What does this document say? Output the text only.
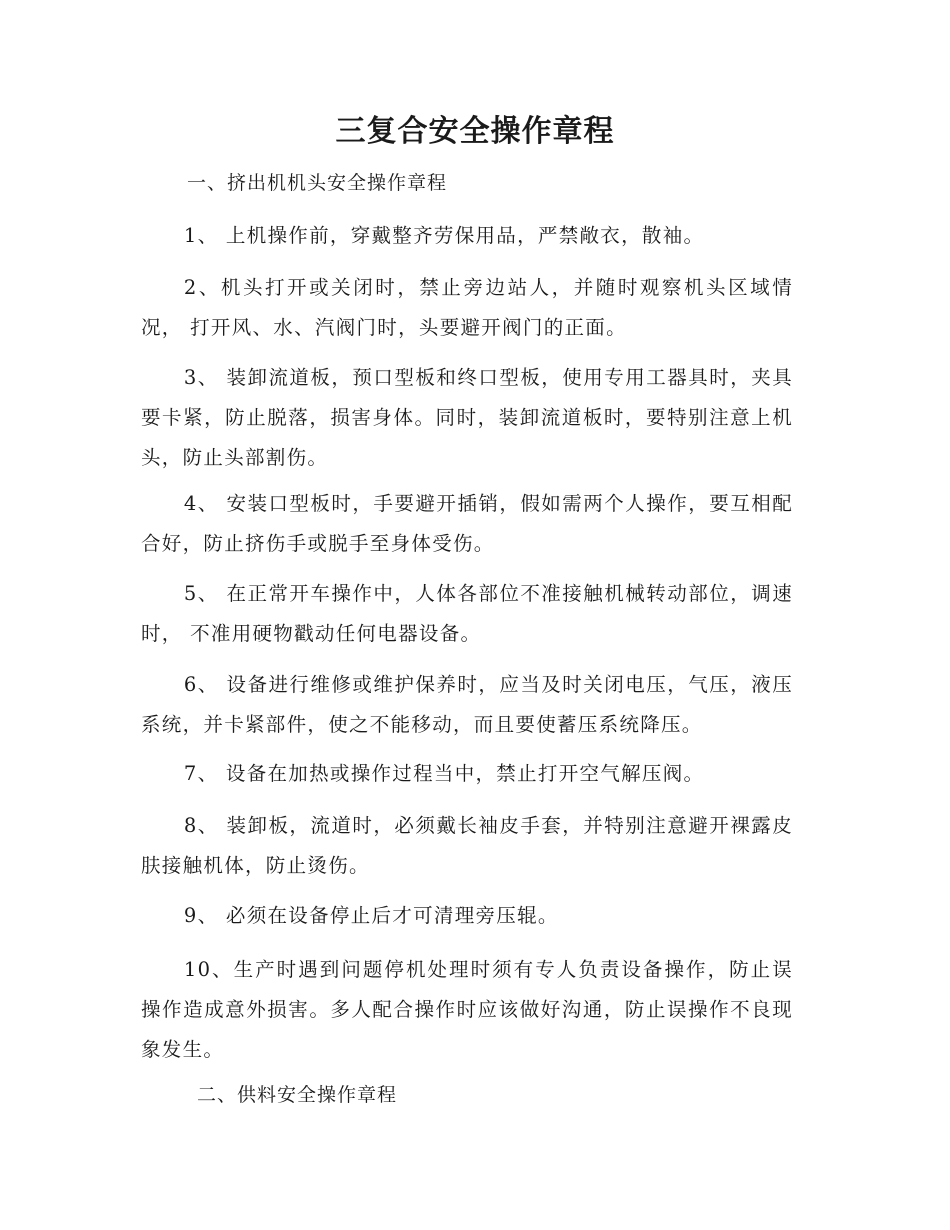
三复合安全操作章程

一、挤出机机头安全操作章程

1、 上机操作前，穿戴整齐劳保用品，严禁敞衣，散袖。

2、机头打开或关闭时，禁止旁边站人，并随时观察机头区域情况， 打开风、水、汽阀门时，头要避开阀门的正面。

3、 装卸流道板，预口型板和终口型板，使用专用工器具时，夹具要卡紧，防止脱落，损害身体。同时，装卸流道板时，要特别注意上机头，防止头部割伤。

4、 安装口型板时，手要避开插销，假如需两个人操作，要互相配 合好，防止挤伤手或脱手至身体受伤。

5、 在正常开车操作中，人体各部位不准接触机械转动部位，调速时， 不准用硬物戳动任何电器设备。

6、 设备进行维修或维护保养时，应当及时关闭电压，气压，液压系统，并卡紧部件，使之不能移动，而且要使蓄压系统降压。

7、 设备在加热或操作过程当中，禁止打开空气解压阀。

8、 装卸板，流道时，必须戴长袖皮手套，并特别注意避开裸露皮肤接触机体，防止烫伤。

9、 必须在设备停止后才可清理旁压辊。

10、生产时遇到问题停机处理时须有专人负责设备操作，防止误操作造成意外损害。多人配合操作时应该做好沟通，防止误操作不良现象发生。

二、供料安全操作章程
